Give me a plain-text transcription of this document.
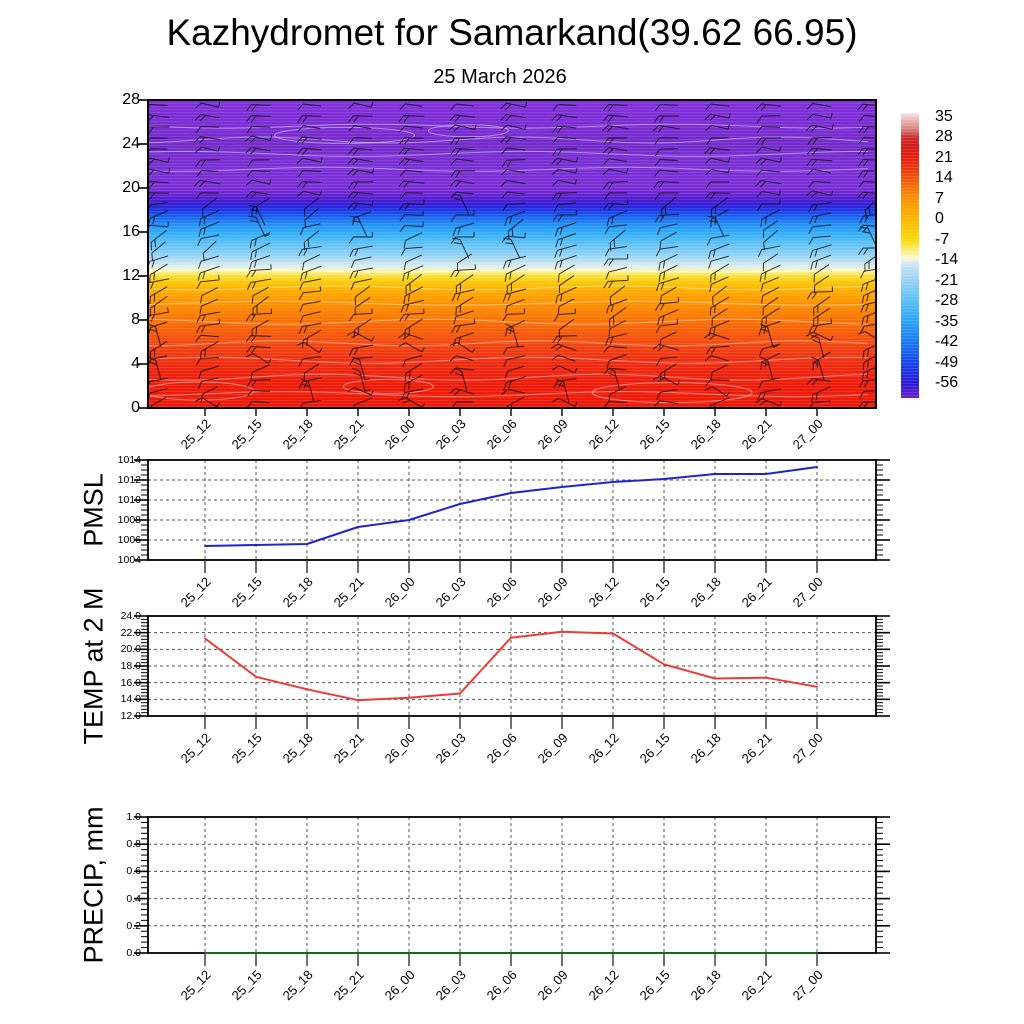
Kazhydromet for Samarkand(39.62 66.95)
25 March 2026
PMSL
TEMP at 2 M
PRECIP, mm
28
24
20
16
12
8
4
0
35
28
21
14
7
0
-7
-14
-21
-28
-35
-42
-49
-56
25_12 25_15 25_18 25_21 26_00 26_03 26_06 26_09 26_12 26_15 26_18 26_21 27_00
25_12 25_15 25_18 25_21 26_00 26_03 26_06 26_09 26_12 26_15 26_18 26_21 27_00
25_12 25_15 25_18 25_21 26_00 26_03 26_06 26_09 26_12 26_15 26_18 26_21 27_00
25_12 25_15 25_18 25_21 26_00 26_03 26_06 26_09 26_12 26_15 26_18 26_21 27_00
1014
1012
1010
1008
1006
1004
24.0
22.0
20.0
18.0
16.0
14.0
12.0
1.0
0.8
0.6
0.4
0.2
0.0
